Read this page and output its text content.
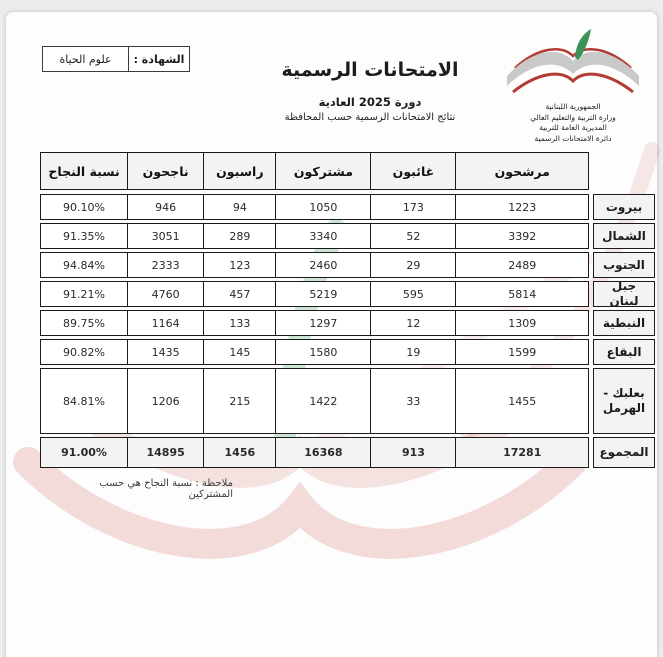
الشهادة :
علوم الحياة	الامتحانات الرسمية
دورة 2025 العادية
نتائج الامتحانات الرسمية حسب المحافظة
الجمهورية اللبنانية
وزارة التربية والتعليم العالي
المديرية العامة للتربية
دائرة الامتحانات الرسمية
مرشحون
غائبون
مشتركون
راسبون
ناجحون
نسبة النجاح
بيروت
1223
173
1050
94
946
90.10%
الشمال
3392
52
3340
289
3051
91.35%
الجنوب
2489
29
2460
123
2333
94.84%
جبل لبنان
5814
595
5219
457
4760
91.21%
النبطية
1309
12
1297
133
1164
89.75%
البقاع
1599
19
1580
145
1435
90.82%
بعلبك - الهرمل
1455
33
1422
215
1206
84.81%
المجموع
17281
913
16368
1456
14895
91.00%
ملاحظة : نسبة النجاح هي حسب المشتركين
